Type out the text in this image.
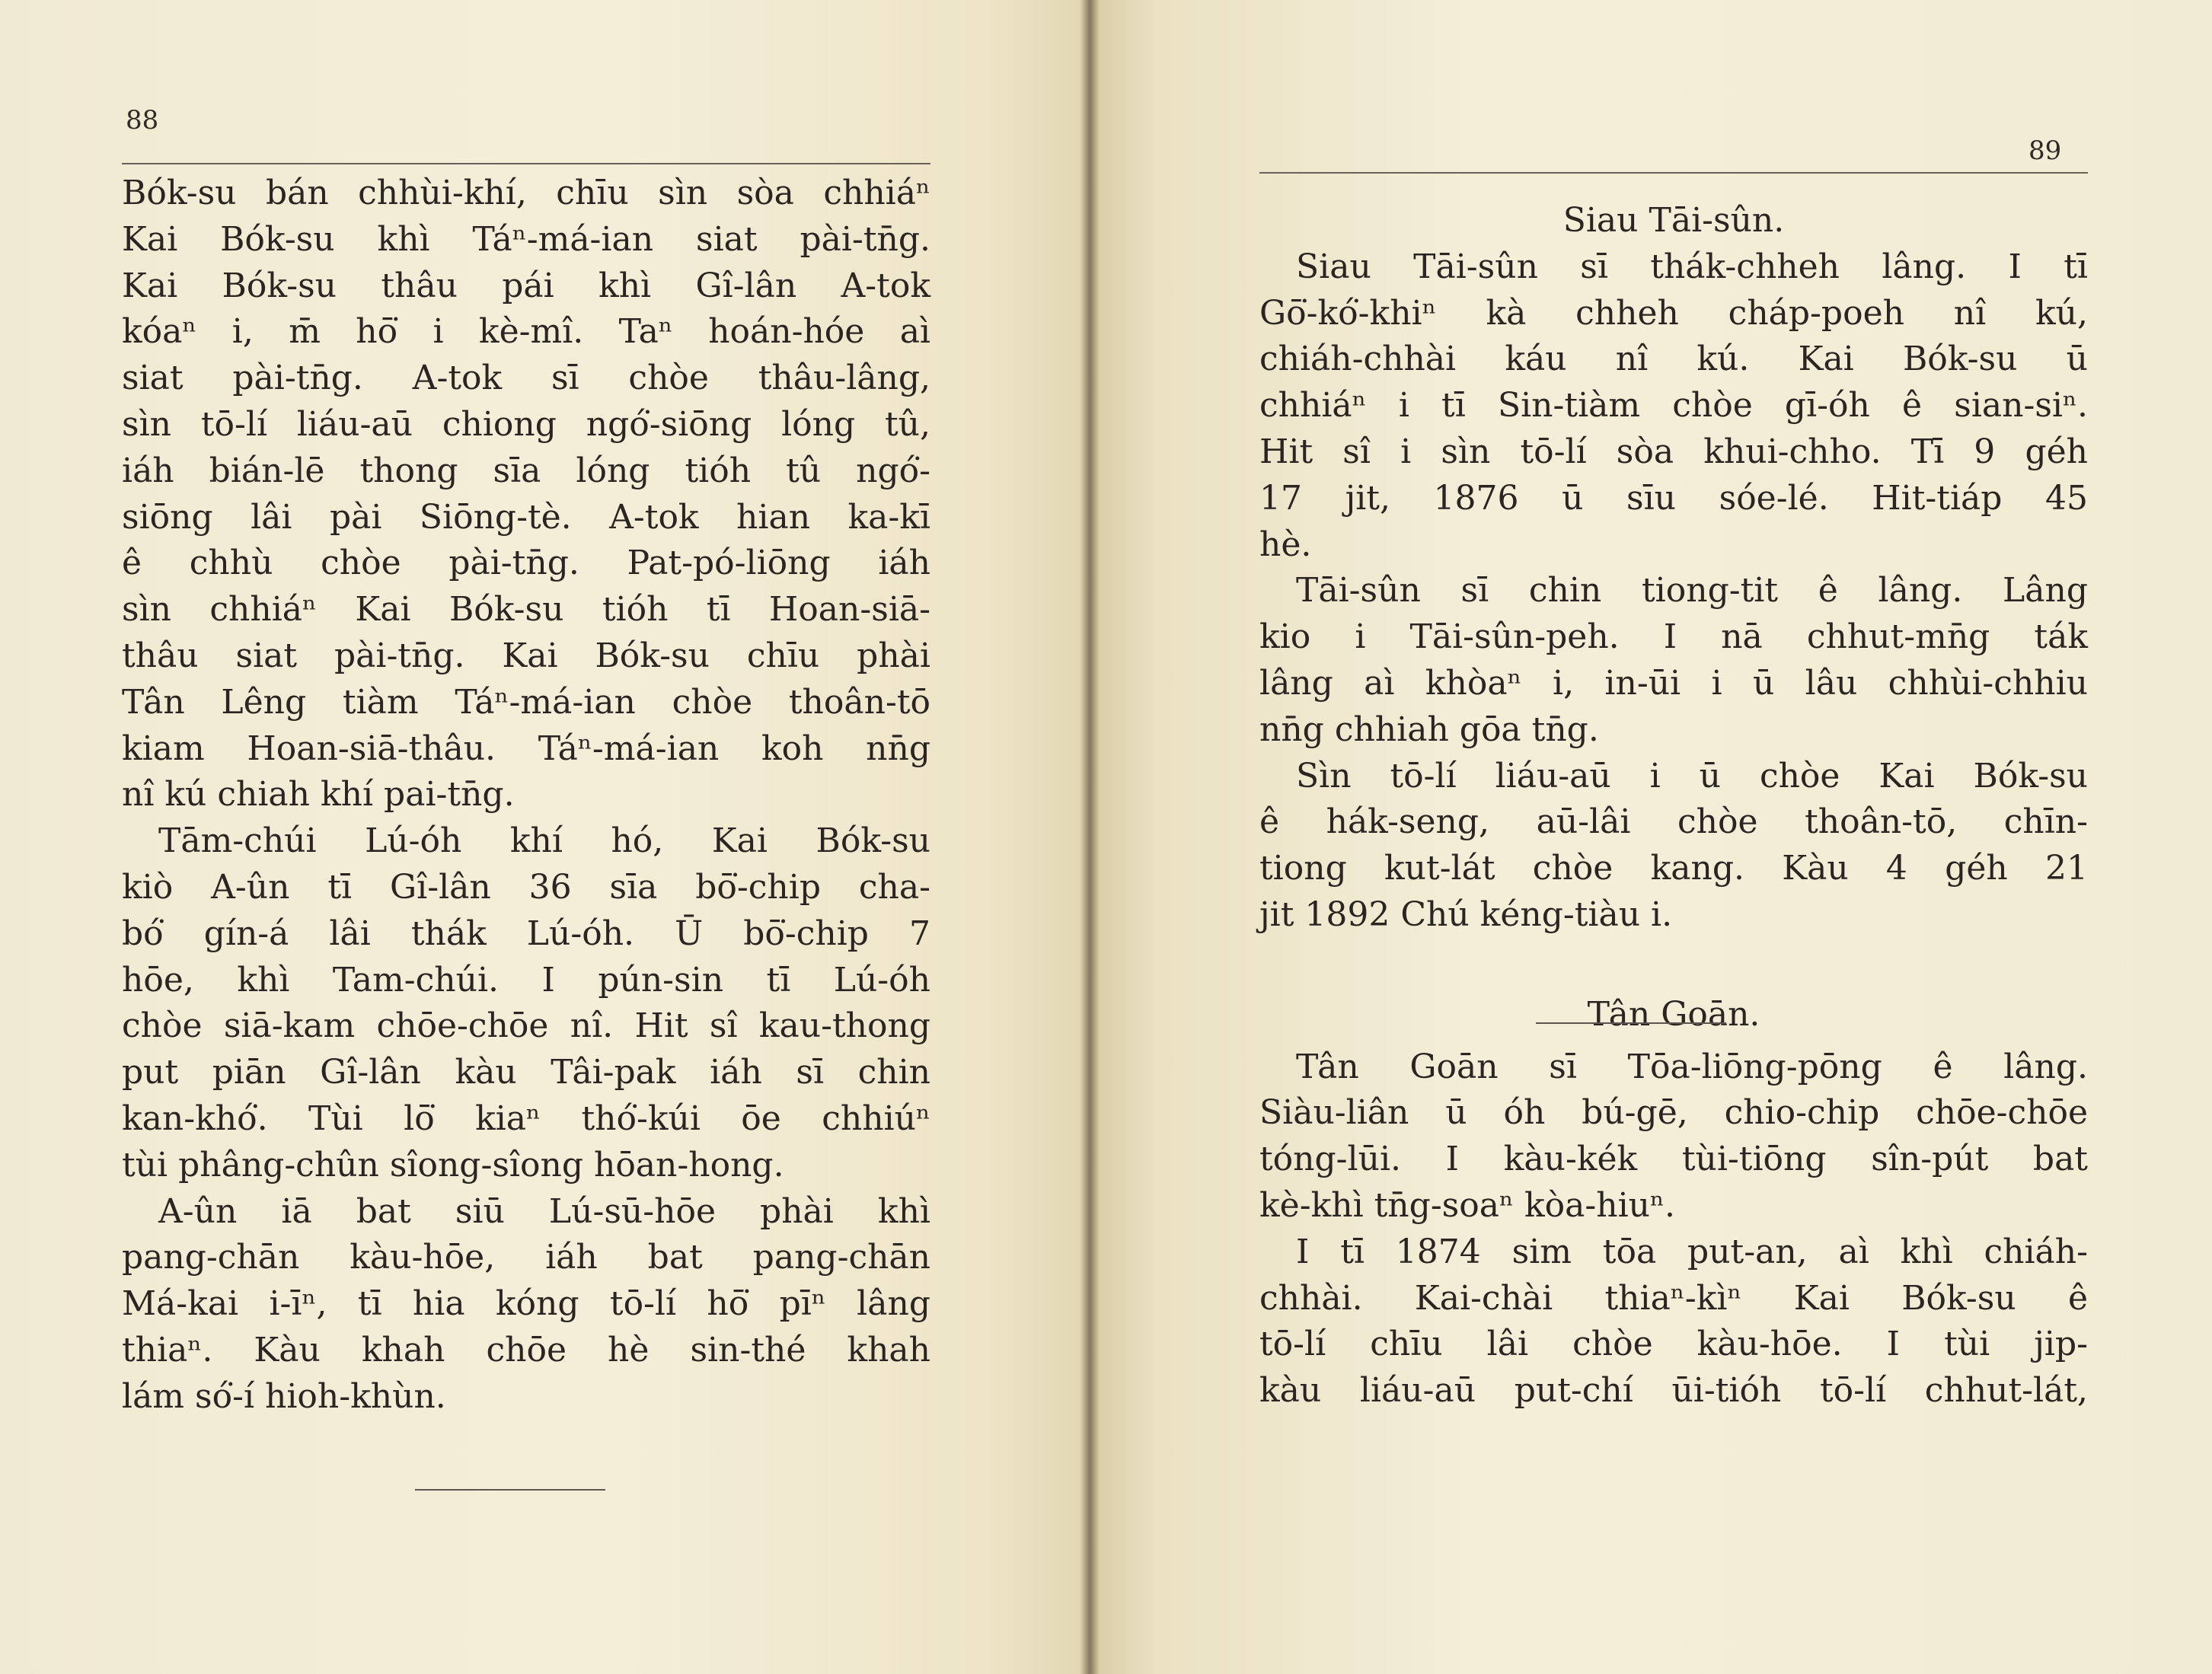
88
Bók-su bán chhùi-khí, chīu sìn sòa chhiáⁿ
Kai Bók-su khì Táⁿ-má-ian siat pài-tn̄g.
Kai Bók-su thâu pái khì Gî-lân A-tok
kóaⁿ i, m̄ hō͘ i kè-mî. Taⁿ hoán-hóe aì
siat pài-tn̄g. A-tok sī chòe thâu-lâng,
sìn tō-lí liáu-aū chiong ngó͘-siōng lóng tû,
iáh bián-lē thong sīa lóng tióh tû ngó͘-
siōng lâi pài Siōng-tè. A-tok hian ka-kī
ê chhù chòe pài-tn̄g. Pat-pó-liōng iáh
sìn chhiáⁿ Kai Bók-su tióh tī Hoan-siā-
thâu siat pài-tn̄g. Kai Bók-su chīu phài
Tân Lêng tiàm Táⁿ-má-ian chòe thoân-tō
kiam Hoan-siā-thâu. Táⁿ-má-ian koh nn̄g
nî kú chiah khí pai-tn̄g.
Tām-chúi Lú-óh khí hó, Kai Bók-su
kiò A-ûn tī Gî-lân 36 sīa bō͘-chip cha-
bó͘ gín-á lâi thák Lú-óh. Ū bō͘-chip 7
hōe, khì Tam-chúi. I pún-sin tī Lú-óh
chòe siā-kam chōe-chōe nî. Hit sî kau-thong
put piān Gî-lân kàu Tâi-pak iáh sī chin
kan-khó͘. Tùi lō͘ kiaⁿ thó͘-kúi ōe chhiúⁿ
tùi phâng-chûn sîong-sîong hōan-hong.
A-ûn iā bat siū Lú-sū-hōe phài khì
pang-chān kàu-hōe, iáh bat pang-chān
Má-kai i-īⁿ, tī hia kóng tō-lí hō͘ pīⁿ lâng
thiaⁿ. Kàu khah chōe hè sin-thé khah
lám só͘-í hioh-khùn.
89
Siau Tāi-sûn.
Siau Tāi-sûn sī thák-chheh lâng. I tī
Gō͘-kó͘-khiⁿ kà chheh cháp-poeh nî kú,
chiáh-chhài káu nî kú. Kai Bók-su ū
chhiáⁿ i tī Sin-tiàm chòe gī-óh ê sian-siⁿ.
Hit sî i sìn tō-lí sòa khui-chho. Tī 9 géh
17 jit, 1876 ū sīu sóe-lé. Hit-tiáp 45
hè.
Tāi-sûn sī chin tiong-tit ê lâng. Lâng
kio i Tāi-sûn-peh. I nā chhut-mn̄g ták
lâng aì khòaⁿ i, in-ūi i ū lâu chhùi-chhiu
nn̄g chhiah gōa tn̄g.
Sìn tō-lí liáu-aū i ū chòe Kai Bók-su
ê hák-seng, aū-lâi chòe thoân-tō, chīn-
tiong kut-lát chòe kang. Kàu 4 géh 21
jit 1892 Chú kéng-tiàu i.
Tân Goān.
Tân Goān sī Tōa-liōng-pōng ê lâng.
Siàu-liân ū óh bú-gē, chio-chip chōe-chōe
tóng-lūi. I kàu-kék tùi-tiōng sîn-pút bat
kè-khì tn̄g-soaⁿ kòa-hiuⁿ.
I tī 1874 sim tōa put-an, aì khì chiáh-
chhài. Kai-chài thiaⁿ-kìⁿ Kai Bók-su ê
tō-lí chīu lâi chòe kàu-hōe. I tùi jip-
kàu liáu-aū put-chí ūi-tióh tō-lí chhut-lát,
